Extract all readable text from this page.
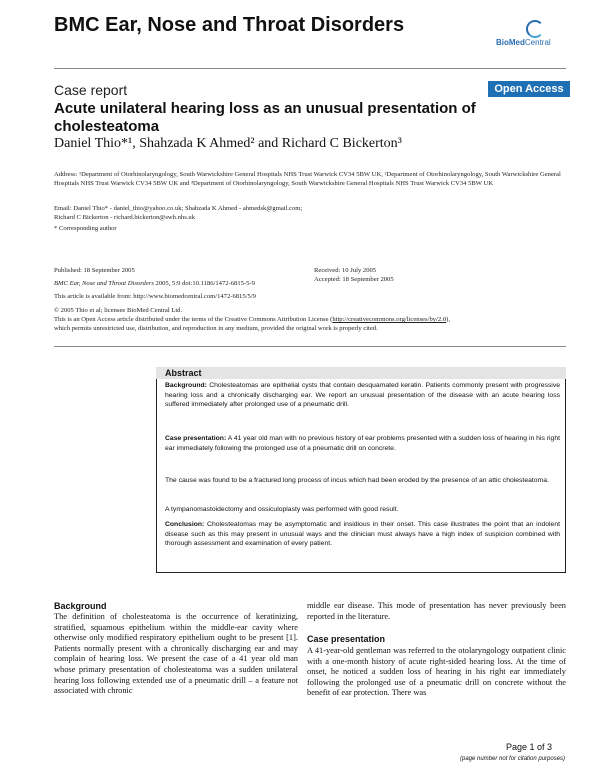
BMC Ear, Nose and Throat Disorders
BioMedCentral
Case report	Open Access
Acute unilateral hearing loss as an unusual presentation of cholesteatoma
Daniel Thio*¹, Shahzada K Ahmed² and Richard C Bickerton³
Address: ¹Department of Otorhinolaryngology, South Warwickshire General Hospitals NHS Trust Warwick CV34 5BW UK, ²Department of Otorhinolaryngology, South Warwickshire General Hospitals NHS Trust Warwick CV34 5BW UK and ³Department of Otorhinolaryngology, South Warwickshire General Hospitals NHS Trust Warwick CV34 5BW UK
Email: Daniel Thio* - daniel_thio@yahoo.co.uk; Shahzada K Ahmed - ahmedsk@gmail.com;
Richard C Bickerton - richard.bickerton@swh.nhs.uk
* Corresponding author
Published: 18 September 2005
BMC Ear, Nose and Throat Disorders 2005, 5:9 doi:10.1186/1472-6815-5-9
This article is available from: http://www.biomedcentral.com/1472-6815/5/9
Received: 10 July 2005
Accepted: 18 September 2005
© 2005 Thio et al; licensee BioMed Central Ltd.
This is an Open Access article distributed under the terms of the Creative Commons Attribution License (http://creativecommons.org/licenses/by/2.0),
which permits unrestricted use, distribution, and reproduction in any medium, provided the original work is properly cited.
Abstract
Background: Cholesteatomas are epithelial cysts that contain desquamated keratin. Patients commonly present with progressive hearing loss and a chronically discharging ear. We report an unusual presentation of the disease with an acute hearing loss suffered immediately after prolonged use of a pneumatic drill.
Case presentation: A 41 year old man with no previous history of ear problems presented with a sudden loss of hearing in his right ear immediately following the prolonged use of a pneumatic drill on concrete.
The cause was found to be a fractured long process of incus which had been eroded by the presence of an attic cholesteatoma.
A tympanomastoidectomy and ossiculoplasty was performed with good result.
Conclusion: Cholesteatomas may be asymptomatic and insidious in their onset. This case illustrates the point that an indolent disease such as this may present in unusual ways and the clinician must always have a high index of suspicion combined with thorough assessment and examination of every patient.
Background
The definition of cholesteatoma is the occurrence of keratinizing, stratified, squamous epithelium within the middle-ear cavity where otherwise only modified respiratory epithelium ought to be present [1]. Patients normally present with a chronically discharging ear and may complain of hearing loss. We present the case of a 41 year old man whose primary presentation of cholesteatoma was a sudden unilateral hearing loss following extended use of a pneumatic drill – a feature not associated with chronic
middle ear disease. This mode of presentation has never previously been reported in the literature.
Case presentation
A 41-year-old gentleman was referred to the otolaryngology outpatient clinic with a one-month history of acute right-sided hearing loss. At the time of onset, he noticed a sudden loss of hearing in his right ear immediately following the prolonged use of a pneumatic drill on concrete without the benefit of ear protection. There was
Page 1 of 3
(page number not for citation purposes)
